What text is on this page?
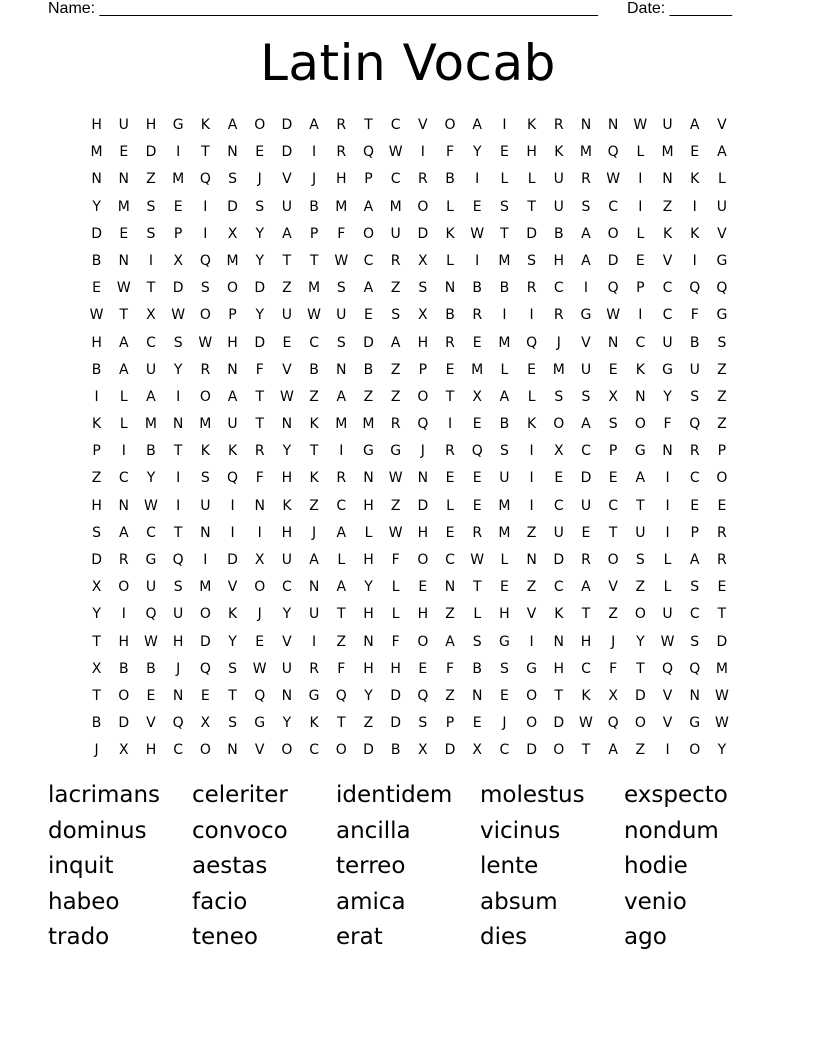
Name: ________________________________________________________ Date: _______
Latin Vocab
H	U	H	G	K	A	O	D	A	R	T	C	V	O	A	I	K	R	N	N	W	U	A	V
M	E	D	I	T	N	E	D	I	R	Q	W	I	F	Y	E	H	K	M	Q	L	M	E	A
N	N	Z	M	Q	S	J	V	J	H	P	C	R	B	I	L	L	U	R	W	I	N	K	L
Y	M	S	E	I	D	S	U	B	M	A	M	O	L	E	S	T	U	S	C	I	Z	I	U
D	E	S	P	I	X	Y	A	P	F	O	U	D	K	W	T	D	B	A	O	L	K	K	V
B	N	I	X	Q	M	Y	T	T	W	C	R	X	L	I	M	S	H	A	D	E	V	I	G
E	W	T	D	S	O	D	Z	M	S	A	Z	S	N	B	B	R	C	I	Q	P	C	Q	Q
W	T	X	W	O	P	Y	U	W	U	E	S	X	B	R	I	I	R	G	W	I	C	F	G
H	A	C	S	W	H	D	E	C	S	D	A	H	R	E	M	Q	J	V	N	C	U	B	S
B	A	U	Y	R	N	F	V	B	N	B	Z	P	E	M	L	E	M	U	E	K	G	U	Z
I	L	A	I	O	A	T	W	Z	A	Z	Z	O	T	X	A	L	S	S	X	N	Y	S	Z
K	L	M	N	M	U	T	N	K	M	M	R	Q	I	E	B	K	O	A	S	O	F	Q	Z
P	I	B	T	K	K	R	Y	T	I	G	G	J	R	Q	S	I	X	C	P	G	N	R	P
Z	C	Y	I	S	Q	F	H	K	R	N	W	N	E	E	U	I	E	D	E	A	I	C	O
H	N	W	I	U	I	N	K	Z	C	H	Z	D	L	E	M	I	C	U	C	T	I	E	E
S	A	C	T	N	I	I	H	J	A	L	W	H	E	R	M	Z	U	E	T	U	I	P	R
D	R	G	Q	I	D	X	U	A	L	H	F	O	C	W	L	N	D	R	O	S	L	A	R
X	O	U	S	M	V	O	C	N	A	Y	L	E	N	T	E	Z	C	A	V	Z	L	S	E
Y	I	Q	U	O	K	J	Y	U	T	H	L	H	Z	L	H	V	K	T	Z	O	U	C	T
T	H	W	H	D	Y	E	V	I	Z	N	F	O	A	S	G	I	N	H	J	Y	W	S	D
X	B	B	J	Q	S	W	U	R	F	H	H	E	F	B	S	G	H	C	F	T	Q	Q	M
T	O	E	N	E	T	Q	N	G	Q	Y	D	Q	Z	N	E	O	T	K	X	D	V	N	W
B	D	V	Q	X	S	G	Y	K	T	Z	D	S	P	E	J	O	D	W	Q	O	V	G	W
J	X	H	C	O	N	V	O	C	O	D	B	X	D	X	C	D	O	T	A	Z	I	O	Y
lacrimans	celeriter	identidem	molestus	exspecto
dominus	convoco	ancilla	vicinus	nondum
inquit	aestas	terreo	lente	hodie
habeo	facio	amica	absum	venio
trado	teneo	erat	dies	ago
